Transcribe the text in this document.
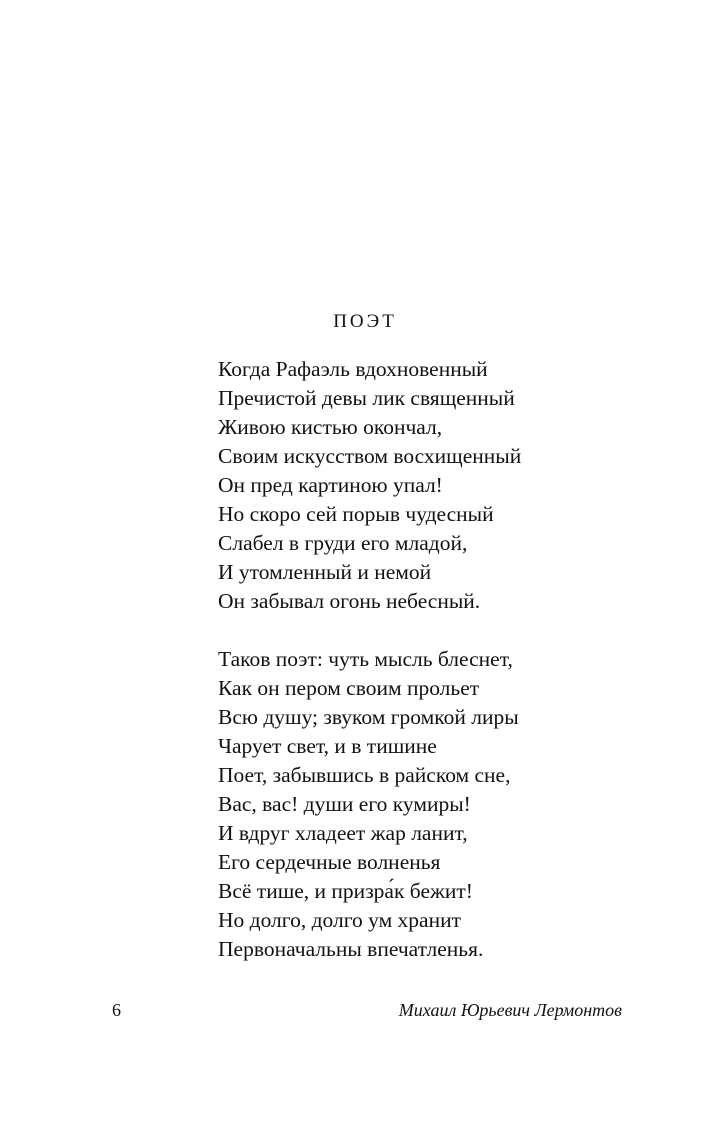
ПОЭТ
Когда Рафаэль вдохновенный
Пречистой девы лик священный
Живою кистью окончал,
Своим искусством восхищенный
Он пред картиною упал!
Но скоро сей порыв чудесный
Слабел в груди его младой,
И утомленный и немой
Он забывал огонь небесный.
Таков поэт: чуть мысль блеснет,
Как он пером своим прольет
Всю душу; звуком громкой лиры
Чарует свет, и в тишине
Поет, забывшись в райском сне,
Вас, вас! души его кумиры!
И вдруг хладеет жар ланит,
Его сердечные волненья
Всё тише, и призра́к бежит!
Но долго, долго ум хранит
Первоначальны впечатленья.
6	Михаил Юрьевич Лермонтов
